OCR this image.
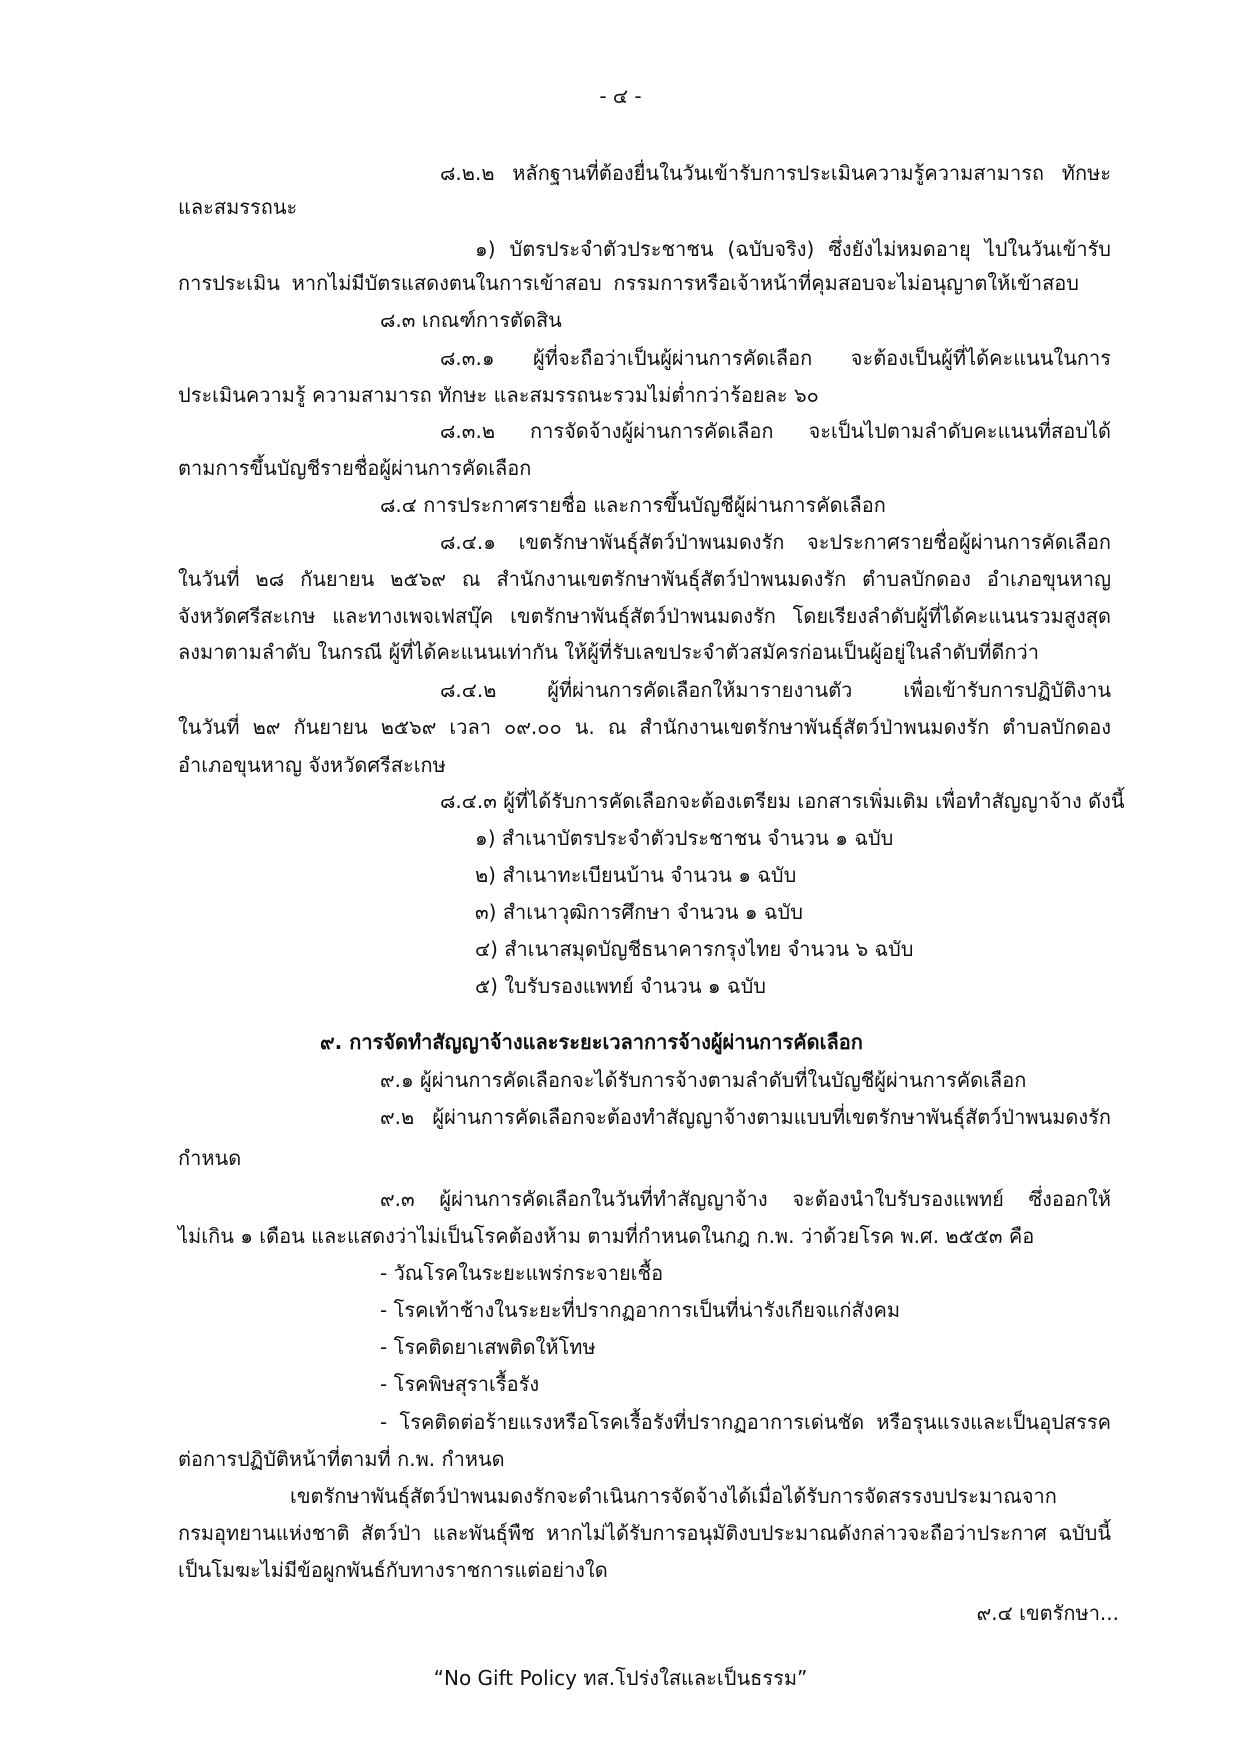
- ๔ -
๘.๒.๒ หลักฐานที่ต้องยื่นในวันเข้ารับการประเมินความรู้ความสามารถ ทักษะ
และสมรรถนะ
๑) บัตรประจำตัวประชาชน (ฉบับจริง) ซึ่งยังไม่หมดอายุ ไปในวันเข้ารับ
การประเมิน หากไม่มีบัตรแสดงตนในการเข้าสอบ กรรมการหรือเจ้าหน้าที่คุมสอบจะไม่อนุญาตให้เข้าสอบ
๘.๓ เกณฑ์การตัดสิน
๘.๓.๑ ผู้ที่จะถือว่าเป็นผู้ผ่านการคัดเลือก จะต้องเป็นผู้ที่ได้คะแนนในการ
ประเมินความรู้ ความสามารถ ทักษะ และสมรรถนะรวมไม่ต่ำกว่าร้อยละ ๖๐
๘.๓.๒ การจัดจ้างผู้ผ่านการคัดเลือก จะเป็นไปตามลำดับคะแนนที่สอบได้
ตามการขึ้นบัญชีรายชื่อผู้ผ่านการคัดเลือก
๘.๔ การประกาศรายชื่อ และการขึ้นบัญชีผู้ผ่านการคัดเลือก
๘.๔.๑ เขตรักษาพันธุ์สัตว์ป่าพนมดงรัก จะประกาศรายชื่อผู้ผ่านการคัดเลือก
ในวันที่ ๒๘ กันยายน ๒๕๖๙ ณ สำนักงานเขตรักษาพันธุ์สัตว์ป่าพนมดงรัก ตำบลบักดอง อำเภอขุนหาญ
จังหวัดศรีสะเกษ และทางเพจเฟสบุ๊ค เขตรักษาพันธุ์สัตว์ป่าพนมดงรัก โดยเรียงลำดับผู้ที่ได้คะแนนรวมสูงสุด
ลงมาตามลำดับ ในกรณี ผู้ที่ได้คะแนนเท่ากัน ให้ผู้ที่รับเลขประจำตัวสมัครก่อนเป็นผู้อยู่ในลำดับที่ดีกว่า
๘.๔.๒ ผู้ที่ผ่านการคัดเลือกให้มารายงานตัว เพื่อเข้ารับการปฏิบัติงาน
ในวันที่ ๒๙ กันยายน ๒๕๖๙ เวลา ๐๙.๐๐ น. ณ สำนักงานเขตรักษาพันธุ์สัตว์ป่าพนมดงรัก ตำบลบักดอง
อำเภอขุนหาญ จังหวัดศรีสะเกษ
๘.๔.๓ ผู้ที่ได้รับการคัดเลือกจะต้องเตรียม เอกสารเพิ่มเติม เพื่อทำสัญญาจ้าง ดังนี้
๑) สำเนาบัตรประจำตัวประชาชน จำนวน ๑ ฉบับ
๒) สำเนาทะเบียนบ้าน จำนวน ๑ ฉบับ
๓) สำเนาวุฒิการศึกษา จำนวน ๑ ฉบับ
๔) สำเนาสมุดบัญชีธนาคารกรุงไทย จำนวน ๖ ฉบับ
๕) ใบรับรองแพทย์ จำนวน ๑ ฉบับ
๙. การจัดทำสัญญาจ้างและระยะเวลาการจ้างผู้ผ่านการคัดเลือก
๙.๑ ผู้ผ่านการคัดเลือกจะได้รับการจ้างตามลำดับที่ในบัญชีผู้ผ่านการคัดเลือก
๙.๒ ผู้ผ่านการคัดเลือกจะต้องทำสัญญาจ้างตามแบบที่เขตรักษาพันธุ์สัตว์ป่าพนมดงรัก
กำหนด
๙.๓ ผู้ผ่านการคัดเลือกในวันที่ทำสัญญาจ้าง จะต้องนำใบรับรองแพทย์ ซึ่งออกให้
ไม่เกิน ๑ เดือน และแสดงว่าไม่เป็นโรคต้องห้าม ตามที่กำหนดในกฎ ก.พ. ว่าด้วยโรค พ.ศ. ๒๕๕๓ คือ
- วัณโรคในระยะแพร่กระจายเชื้อ
- โรคเท้าช้างในระยะที่ปรากฏอาการเป็นที่น่ารังเกียจแก่สังคม
- โรคติดยาเสพติดให้โทษ
- โรคพิษสุราเรื้อรัง
- โรคติดต่อร้ายแรงหรือโรคเรื้อรังที่ปรากฏอาการเด่นชัด หรือรุนแรงและเป็นอุปสรรค
ต่อการปฏิบัติหน้าที่ตามที่ ก.พ. กำหนด
เขตรักษาพันธุ์สัตว์ป่าพนมดงรักจะดำเนินการจัดจ้างได้เมื่อได้รับการจัดสรรงบประมาณจาก
กรมอุทยานแห่งชาติ สัตว์ป่า และพันธุ์พืช หากไม่ได้รับการอนุมัติงบประมาณดังกล่าวจะถือว่าประกาศ ฉบับนี้
เป็นโมฆะไม่มีข้อผูกพันธ์กับทางราชการแต่อย่างใด
๙.๔ เขตรักษา...
“No Gift Policy ทส.โปร่งใสและเป็นธรรม”
